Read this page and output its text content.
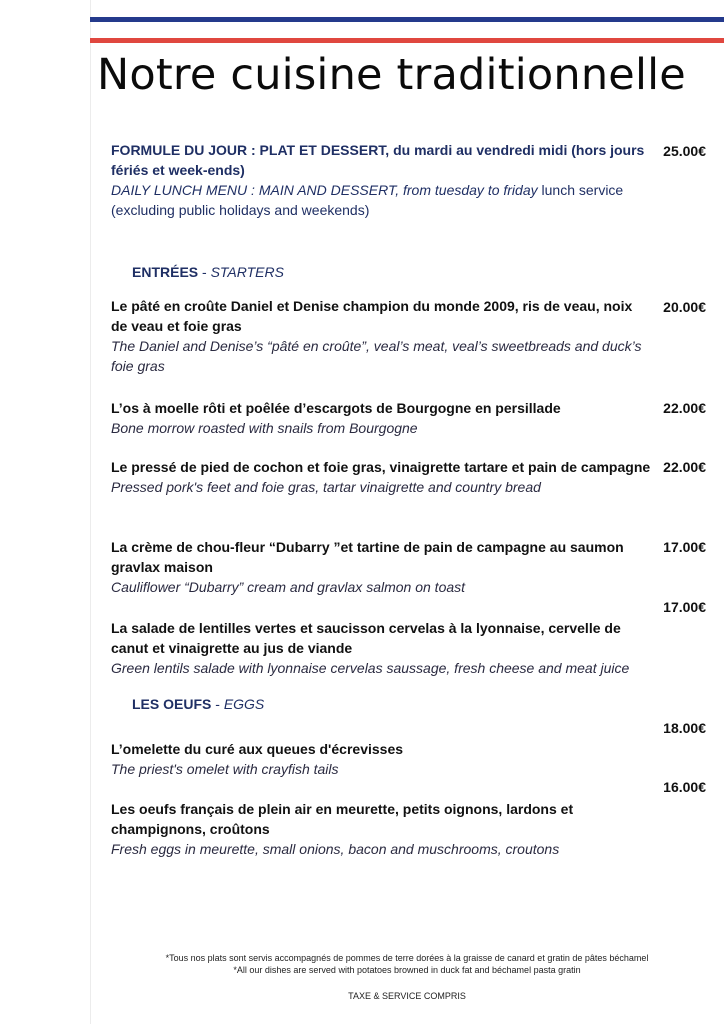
Notre cuisine traditionnelle
FORMULE DU JOUR : PLAT ET DESSERT, du mardi au vendredi midi (hors jours fériés et week-ends)
DAILY LUNCH MENU : MAIN AND DESSERT, from tuesday to friday lunch service (excluding public holidays and weekends)
25.00€
ENTRÉES - STARTERS
Le pâté en croûte Daniel et Denise champion du monde 2009, ris de veau, noix de veau et foie gras
The Daniel and Denise’s “pâté en croûte”, veal’s meat, veal’s sweetbreads and duck’s foie gras
20.00€
L’os à moelle rôti et poêlée d’escargots de Bourgogne en persillade
Bone morrow roasted with snails from Bourgogne
22.00€
Le pressé de pied de cochon et foie gras, vinaigrette tartare et pain de campagne
Pressed pork's feet and foie gras, tartar vinaigrette and country bread
22.00€
La crème de chou-fleur “Dubarry ”et tartine de pain de campagne au saumon gravlax maison
Cauliflower “Dubarry” cream and gravlax salmon on toast
17.00€
17.00€
La salade de lentilles vertes et saucisson cervelas à la lyonnaise, cervelle de canut et vinaigrette au jus de viande
Green lentils salade with lyonnaise cervelas saussage, fresh cheese and meat juice
LES OEUFS - EGGS
18.00€
L’omelette du curé aux queues d'écrevisses
The priest's omelet with crayfish tails
16.00€
Les oeufs français de plein air en meurette, petits oignons, lardons et champignons, croûtons
Fresh eggs in meurette, small onions, bacon and muschrooms, croutons
*Tous nos plats sont servis accompagnés de pommes de terre dorées à la graisse de canard et gratin de pâtes béchamel
*All our dishes are served with potatoes browned in duck fat and béchamel pasta gratin
TAXE & SERVICE COMPRIS
